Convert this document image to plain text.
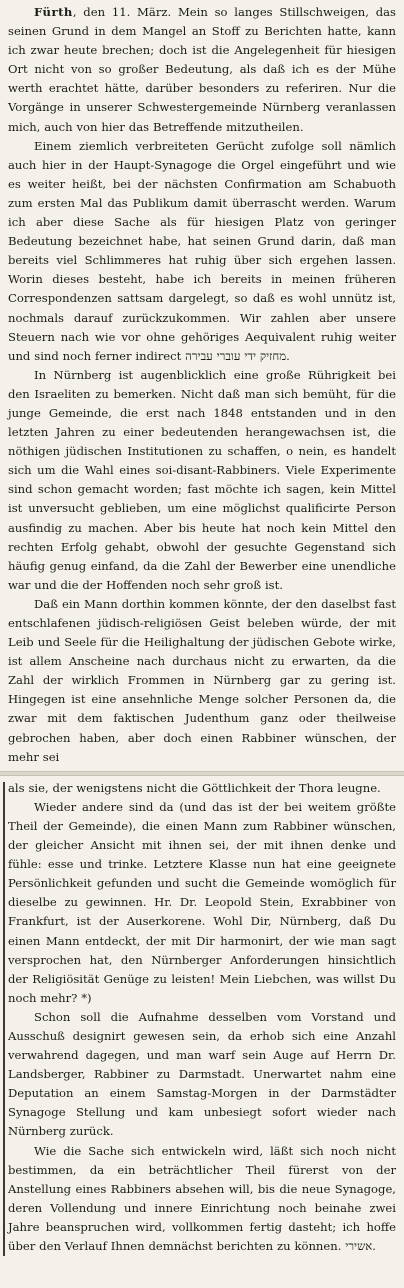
Fürth, den 11. März. Mein so langes Stillschweigen, das seinen Grund in dem Mangel an Stoff zu Berichten hatte, kann ich zwar heute brechen; doch ist die Angelegenheit für hiesigen Ort nicht von so großer Bedeutung, als daß ich es der Mühe werth erachtet hätte, darüber besonders zu referiren. Nur die Vorgänge in unserer Schwestergemeinde Nürnberg veranlassen mich, auch von hier das Betreffende mitzutheilen.

Einem ziemlich verbreiteten Gerücht zufolge soll nämlich auch hier in der Haupt-Synagoge die Orgel eingeführt und wie es weiter heißt, bei der nächsten Confirmation am Schabuoth zum ersten Mal das Publikum damit überrascht werden. Warum ich aber diese Sache als für hiesigen Platz von geringer Bedeutung bezeichnet habe, hat seinen Grund darin, daß man bereits viel Schlimmeres hat ruhig über sich ergehen lassen. Worin dieses besteht, habe ich bereits in meinen früheren Correspondenzen sattsam dargelegt, so daß es wohl unnütz ist, nochmals darauf zurückzukommen. Wir zahlen aber unsere Steuern nach wie vor ohne gehöriges Aequivalent ruhig weiter und sind noch ferner indirect מחזיק ידי עוברי עבירה.

In Nürnberg ist augenblicklich eine große Rührigkeit bei den Israeliten zu bemerken. Nicht daß man sich bemüht, für die junge Gemeinde, die erst nach 1848 entstanden und in den letzten Jahren zu einer bedeutenden herangewachsen ist, die nöthigen jüdischen Institutionen zu schaffen, o nein, es handelt sich um die Wahl eines soi-disant-Rabbiners. Viele Experimente sind schon gemacht worden; fast möchte ich sagen, kein Mittel ist unversucht geblieben, um eine möglichst qualificirte Person ausfindig zu machen. Aber bis heute hat noch kein Mittel den rechten Erfolg gehabt, obwohl der gesuchte Gegenstand sich häufig genug einfand, da die Zahl der Bewerber eine unendliche war und die der Hoffenden noch sehr groß ist.

Daß ein Mann dorthin kommen könnte, der den daselbst fast entschlafenen jüdisch-religiösen Geist beleben würde, der mit Leib und Seele für die Heilighaltung der jüdischen Gebote wirke, ist allem Anscheine nach durchaus nicht zu erwarten, da die Zahl der wirklich Frommen in Nürnberg gar zu gering ist. Hingegen ist eine ansehnliche Menge solcher Personen da, die zwar mit dem faktischen Judenthum ganz oder theilweise gebrochen haben, aber doch einen Rabbiner wünschen, der mehr sei

als sie, der wenigstens nicht die Göttlichkeit der Thora leugne.

Wieder andere sind da (und das ist der bei weitem größte Theil der Gemeinde), die einen Mann zum Rabbiner wünschen, der gleicher Ansicht mit ihnen sei, der mit ihnen denke und fühle: esse und trinke. Letztere Klasse nun hat eine geeignete Persönlichkeit gefunden und sucht die Gemeinde womöglich für dieselbe zu gewinnen. Hr. Dr. Leopold Stein, Exrabbiner von Frankfurt, ist der Auserkorene. Wohl Dir, Nürnberg, daß Du einen Mann entdeckt, der mit Dir harmonirt, der wie man sagt versprochen hat, den Nürnberger Anforderungen hinsichtlich der Religiösität Genüge zu leisten! Mein Liebchen, was willst Du noch mehr? *)

Schon soll die Aufnahme desselben vom Vorstand und Ausschuß designirt gewesen sein, da erhob sich eine Anzahl verwahrend dagegen, und man warf sein Auge auf Herrn Dr. Landsberger, Rabbiner zu Darmstadt. Unerwartet nahm eine Deputation an einem Samstag-Morgen in der Darmstädter Synagoge Stellung und kam unbesiegt sofort wieder nach Nürnberg zurück.

Wie die Sache sich entwickeln wird, läßt sich noch nicht bestimmen, da ein beträchtlicher Theil fürerst von der Anstellung eines Rabbiners absehen will, bis die neue Synagoge, deren Vollendung und innere Einrichtung noch beinahe zwei Jahre beanspruchen wird, vollkommen fertig dasteht; ich hoffe über den Verlauf Ihnen demnächst berichten zu können. אשירי.
